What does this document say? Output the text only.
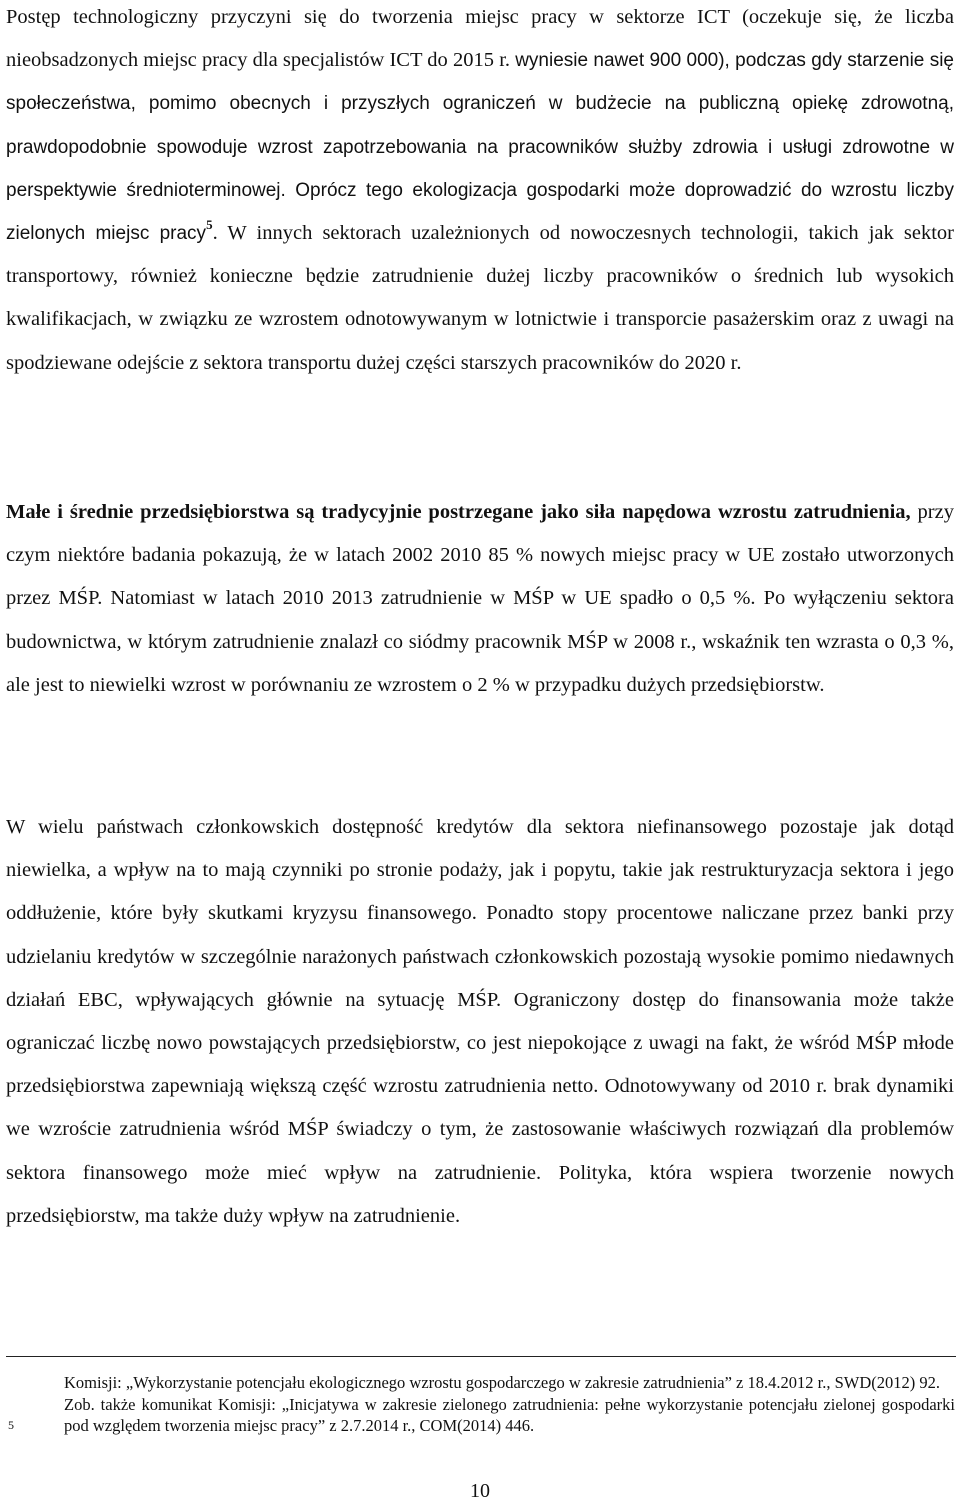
Postęp technologiczny przyczyni się do tworzenia miejsc pracy w sektorze ICT (oczekuje się, że liczba nieobsadzonych miejsc pracy dla specjalistów ICT do 2015 r. wyniesie nawet 900 000), podczas gdy starzenie się społeczeństwa, pomimo obecnych i przyszłych ograniczeń w budżecie na publiczną opiekę zdrowotną, prawdopodobnie spowoduje wzrost zapotrzebowania na pracowników służby zdrowia i usługi zdrowotne w perspektywie średnioterminowej. Oprócz tego ekologizacja gospodarki może doprowadzić do wzrostu liczby zielonych miejsc pracy$^5$. W innych sektorach uzależnionych od nowoczesnych technologii, takich jak sektor transportowy, również konieczne będzie zatrudnienie dużej liczby pracowników o średnich lub wysokich kwalifikacjach, w związku ze wzrostem odnotowywanym w lotnictwie i transporcie pasażerskim oraz z uwagi na spodziewane odejście z sektora transportu dużej części starszych pracowników do 2020 r.

Małe i średnie przedsiębiorstwa są tradycyjnie postrzegane jako siła napędowa wzrostu zatrudnienia, przy czym niektóre badania pokazują, że w latach 2002 2010 85 % nowych miejsc pracy w UE zostało utworzonych przez MŚP. Natomiast w latach 2010 2013 zatrudnienie w MŚP w UE spadło o 0,5 %. Po wyłączeniu sektora budownictwa, w którym zatrudnienie znalazł co siódmy pracownik MŚP w 2008 r., wskaźnik ten wzrasta o 0,3 %, ale jest to niewielki wzrost w porównaniu ze wzrostem o 2 % w przypadku dużych przedsiębiorstw.

W wielu państwach członkowskich dostępność kredytów dla sektora niefinansowego pozostaje jak dotąd niewielka, a wpływ na to mają czynniki po stronie podaży, jak i popytu, takie jak restrukturyzacja sektora i jego oddłużenie, które były skutkami kryzysu finansowego. Ponadto stopy procentowe naliczane przez banki przy udzielaniu kredytów w szczególnie narażonych państwach członkowskich pozostają wysokie pomimo niedawnych działań EBC, wpływających głównie na sytuację MŚP. Ograniczony dostęp do finansowania może także ograniczać liczbę nowo powstających przedsiębiorstw, co jest niepokojące z uwagi na fakt, że wśród MŚP młode przedsiębiorstwa zapewniają większą część wzrostu zatrudnienia netto. Odnotowywany od 2010 r. brak dynamiki we wzroście zatrudnienia wśród MŚP świadczy o tym, że zastosowanie właściwych rozwiązań dla problemów sektora finansowego może mieć wpływ na zatrudnienie. Polityka, która wspiera tworzenie nowych przedsiębiorstw, ma także duży wpływ na zatrudnienie.

5

Komisji: „Wykorzystanie potencjału ekologicznego wzrostu gospodarczego w zakresie zatrudnienia” z 18.4.2012 r., SWD(2012) 92.

Zob. także komunikat Komisji: „Inicjatywa w zakresie zielonego zatrudnienia: pełne wykorzystanie potencjału zielonej gospodarki pod względem tworzenia miejsc pracy” z 2.7.2014 r., COM(2014) 446.

10
